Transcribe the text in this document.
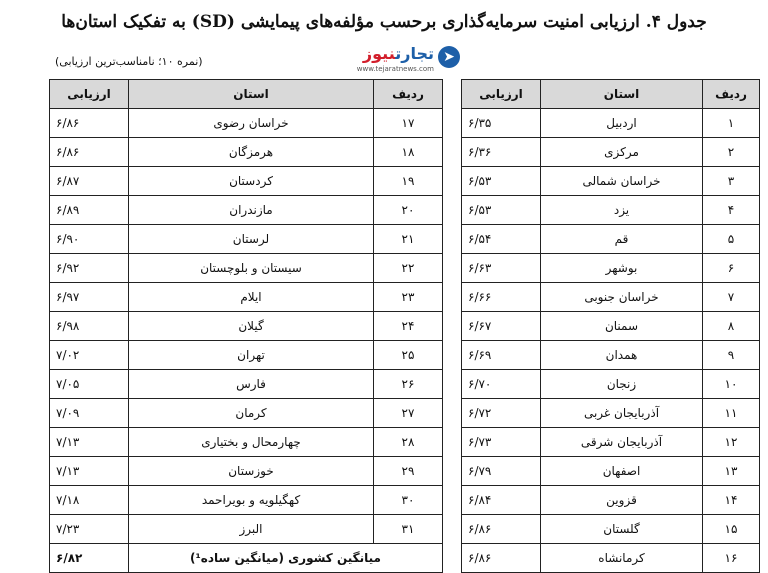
جدول ۴. ارزیابی امنیت سرمایه‌گذاری برحسب مؤلفه‌های پیمایشی (SD) به تفکیک استان‌ها
➤
تجارتنیوز
www.tejaratnews.com
(نمره ۱۰؛ نامناسب‌ترین ارزیابی)
ردیف	استان	ارزیابی
۱	اردبیل	۶/۳۵
۲	مرکزی	۶/۳۶
۳	خراسان شمالی	۶/۵۳
۴	یزد	۶/۵۳
۵	قم	۶/۵۴
۶	بوشهر	۶/۶۳
۷	خراسان جنوبی	۶/۶۶
۸	سمنان	۶/۶۷
۹	همدان	۶/۶۹
۱۰	زنجان	۶/۷۰
۱۱	آذربایجان غربی	۶/۷۲
۱۲	آذربایجان شرقی	۶/۷۳
۱۳	اصفهان	۶/۷۹
۱۴	قزوین	۶/۸۴
۱۵	گلستان	۶/۸۶
۱۶	کرمانشاه	۶/۸۶
ردیف	استان	ارزیابی
۱۷	خراسان رضوی	۶/۸۶
۱۸	هرمزگان	۶/۸۶
۱۹	کردستان	۶/۸۷
۲۰	مازندران	۶/۸۹
۲۱	لرستان	۶/۹۰
۲۲	سیستان و بلوچستان	۶/۹۲
۲۳	ایلام	۶/۹۷
۲۴	گیلان	۶/۹۸
۲۵	تهران	۷/۰۲
۲۶	فارس	۷/۰۵
۲۷	کرمان	۷/۰۹
۲۸	چهارمحال و بختیاری	۷/۱۳
۲۹	خوزستان	۷/۱۳
۳۰	کهگیلویه و بویراحمد	۷/۱۸
۳۱	البرز	۷/۲۳
میانگین کشوری (میانگین ساده¹)		۶/۸۲
